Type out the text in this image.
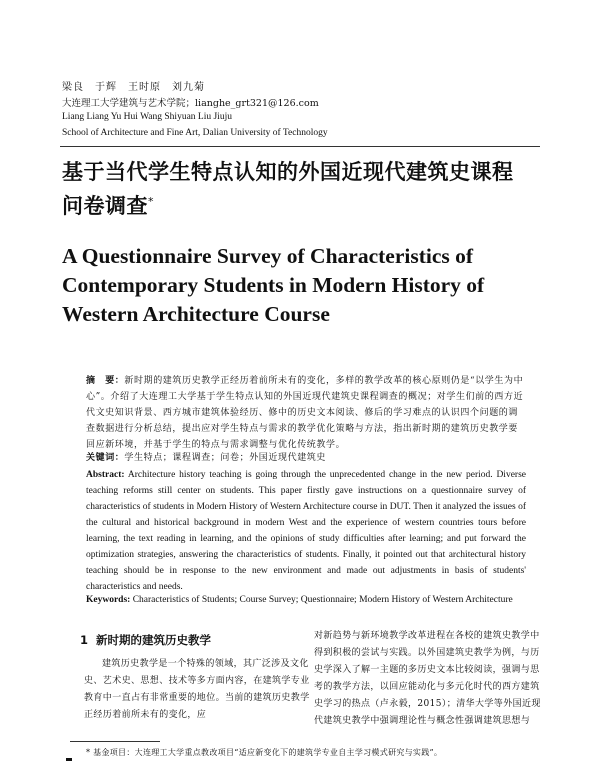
梁良　于辉　王时原　刘九菊
大连理工大学建筑与艺术学院；lianghe_grt321@126.com
Liang Liang Yu Hui Wang Shiyuan Liu Jiuju
School of Architecture and Fine Art, Dalian University of Technology
基于当代学生特点认知的外国近现代建筑史课程问卷调查*
A Questionnaire Survey of Characteristics of Contemporary Students in Modern History of Western Architecture Course
摘　要：新时期的建筑历史教学正经历着前所未有的变化，多样的教学改革的核心原则仍是“以学生为中心”。介绍了大连理工大学基于学生特点认知的外国近现代建筑史课程调查的概况；对学生们前的西方近代文史知识背景、西方城市建筑体验经历、修中的历史文本阅读、修后的学习难点的认识四个问题的调查数据进行分析总结，提出应对学生特点与需求的教学优化策略与方法，指出新时期的建筑历史教学要回应新环境，并基于学生的特点与需求调整与优化传统教学。
关键词：学生特点；课程调查；问卷；外国近现代建筑史
Abstract: Architecture history teaching is going through the unprecedented change in the new period. Diverse teaching reforms still center on students. This paper firstly gave instructions on a questionnaire survey of characteristics of students in Modern History of Western Architecture course in DUT. Then it analyzed the issues of the cultural and historical background in modern West and the experience of western countries tours before learning, the text reading in learning, and the opinions of study difficulties after learning; and put forward the optimization strategies, answering the characteristics of students. Finally, it pointed out that architectural history teaching should be in response to the new environment and made out adjustments in basis of students' characteristics and needs.
Keywords: Characteristics of Students; Course Survey; Questionnaire; Modern History of Western Architecture
1 新时期的建筑历史教学
建筑历史教学是一个特殊的领域，其广泛涉及文化史、艺术史、思想、技术等多方面内容，在建筑学专业教育中一直占有非常重要的地位。当前的建筑历史教学正经历着前所未有的变化，应
对新趋势与新环境教学改革进程在各校的建筑史教学中得到积极的尝试与实践。以外国建筑史教学为例，与历史学深入了解一主题的多历史文本比较阅读，强调与思考的教学方法，以回应能动化与多元化时代的西方建筑史学习的热点（卢永毅，2015）；清华大学等外国近现代建筑史教学中强调理论性与概念性强调建筑思想与
* 基金项目：大连理工大学重点教改项目“适应新变化下的建筑学专业自主学习模式研究与实践”。
